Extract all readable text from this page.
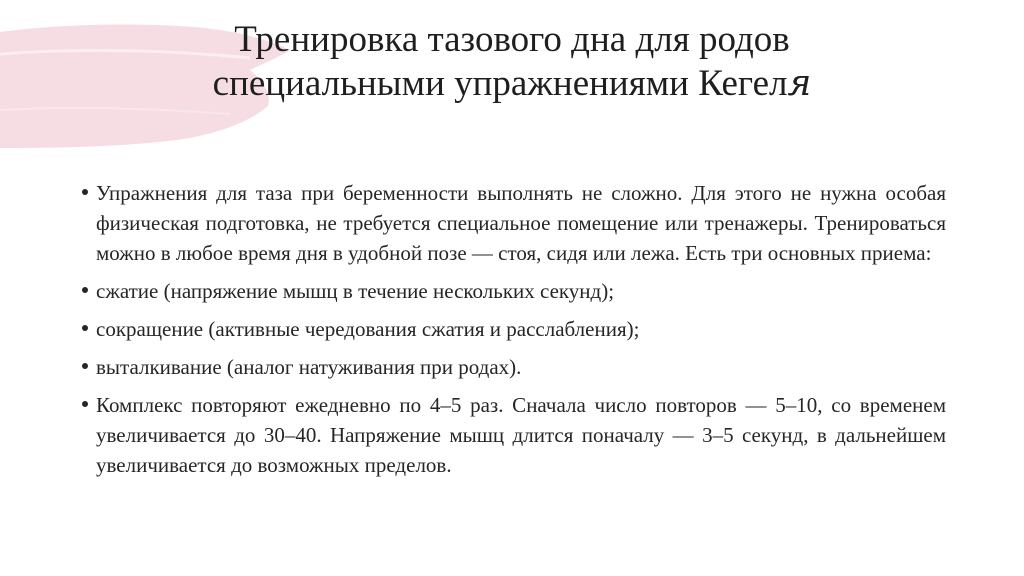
Тренировка тазового дна для родов
специальными упражнениями Кегеля
Упражнения для таза при беременности выполнять не сложно. Для этого не нужна особая физическая подготовка, не требуется специальное помещение или тренажеры. Тренироваться можно в любое время дня в удобной позе — стоя, сидя или лежа. Есть три основных приема:
сжатие (напряжение мышц в течение нескольких секунд);
сокращение (активные чередования сжатия и расслабления);
выталкивание (аналог натуживания при родах).
Комплекс повторяют ежедневно по 4–5 раз. Сначала число повторов — 5–10, со временем увеличивается до 30–40. Напряжение мышц длится поначалу — 3–5 секунд, в дальнейшем увеличивается до возможных пределов.
